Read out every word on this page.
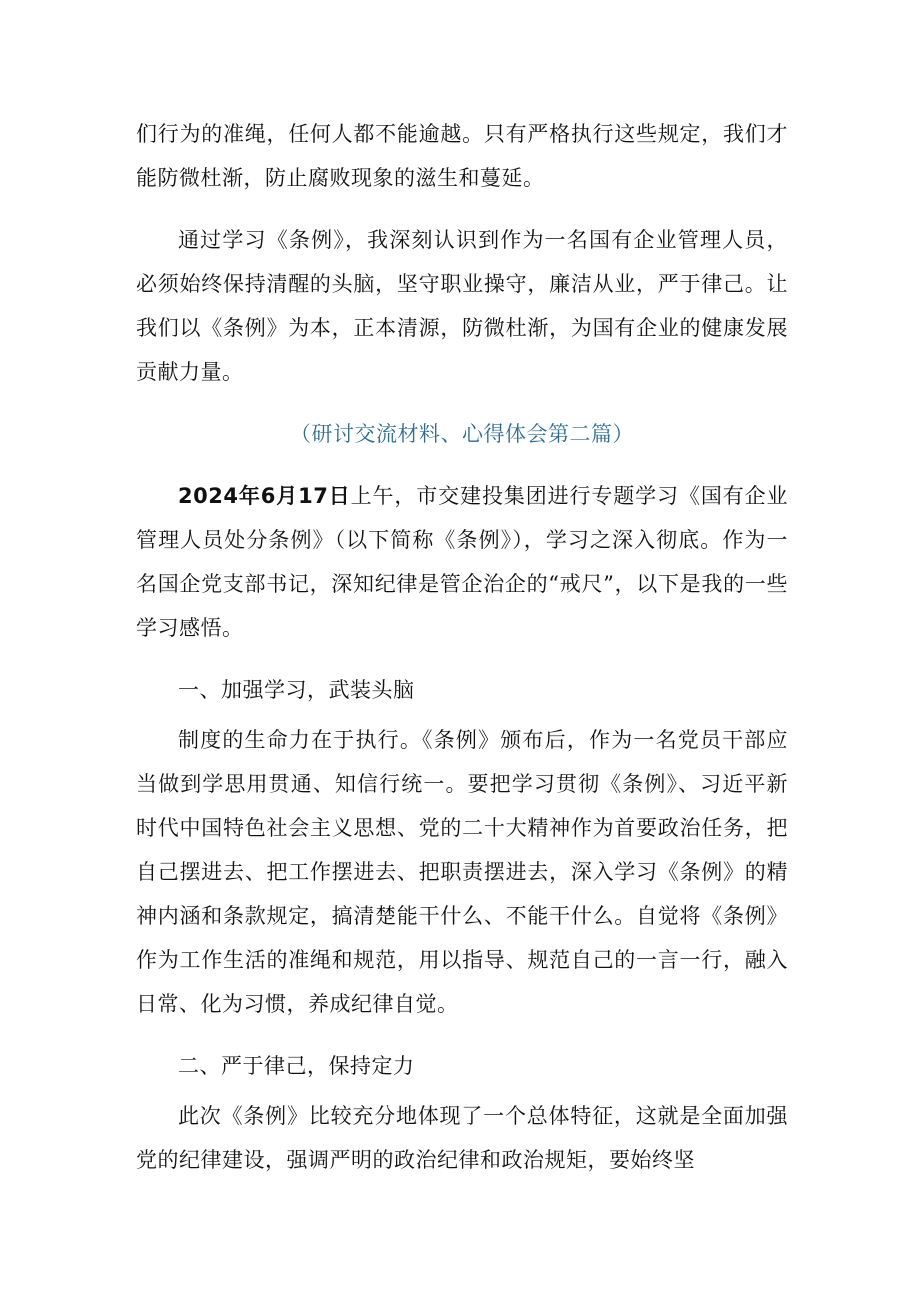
们行为的准绳，任何人都不能逾越。只有严格执行这些规定，我们才能防微杜渐，防止腐败现象的滋生和蔓延。

通过学习《条例》，我深刻认识到作为一名国有企业管理人员，必须始终保持清醒的头脑，坚守职业操守，廉洁从业，严于律己。让我们以《条例》为本，正本清源，防微杜渐，为国有企业的健康发展贡献力量。

（研讨交流材料、心得体会第二篇）

2024年6月17日上午，市交建投集团进行专题学习《国有企业管理人员处分条例》（以下简称《条例》），学习之深入彻底。作为一名国企党支部书记，深知纪律是管企治企的“戒尺”，以下是我的一些学习感悟。

一、加强学习，武装头脑

制度的生命力在于执行。《条例》颁布后，作为一名党员干部应当做到学思用贯通、知信行统一。要把学习贯彻《条例》、习近平新时代中国特色社会主义思想、党的二十大精神作为首要政治任务，把自己摆进去、把工作摆进去、把职责摆进去，深入学习《条例》的精神内涵和条款规定，搞清楚能干什么、不能干什么。自觉将《条例》作为工作生活的准绳和规范，用以指导、规范自己的一言一行，融入日常、化为习惯，养成纪律自觉。

二、严于律己，保持定力

此次《条例》比较充分地体现了一个总体特征，这就是全面加强党的纪律建设，强调严明的政治纪律和政治规矩，要始终坚
